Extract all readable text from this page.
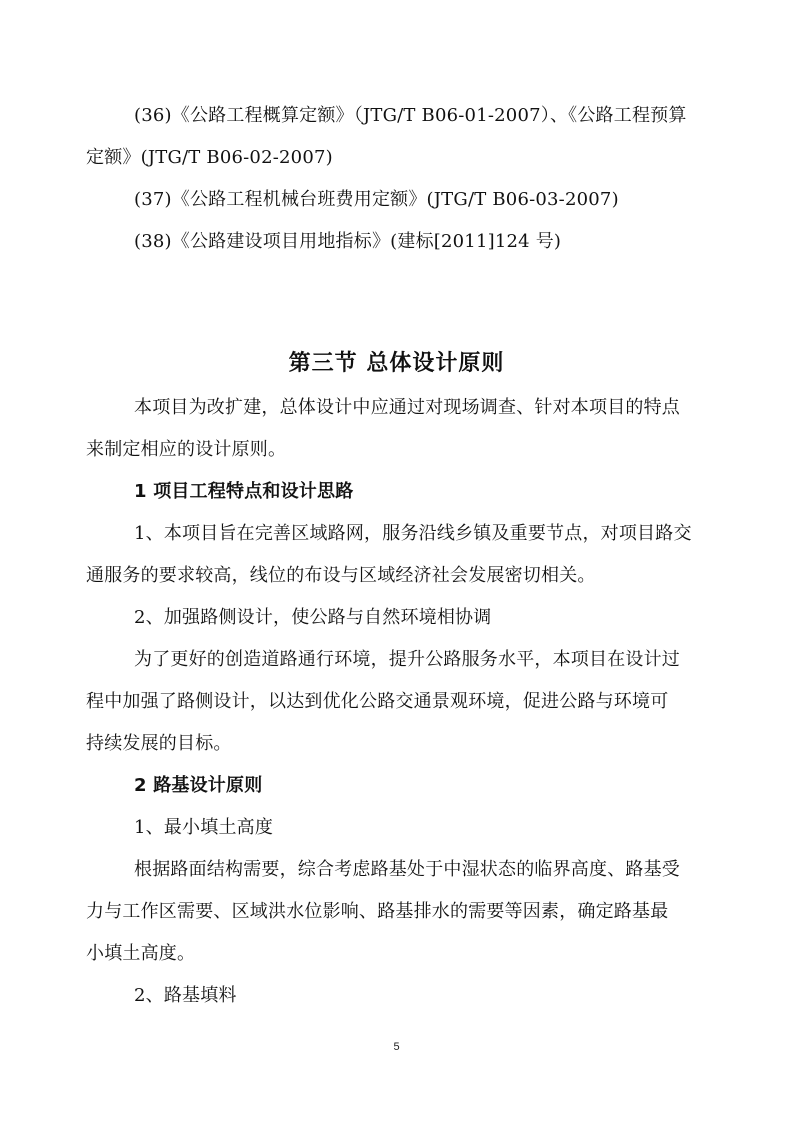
(36)《公路工程概算定额》（JTG/T B06-01-2007）、《公路工程预算
定额》(JTG/T B06-02-2007)
(37)《公路工程机械台班费用定额》(JTG/T B06-03-2007)
(38)《公路建设项目用地指标》(建标[2011]124 号)
第三节 总体设计原则
本项目为改扩建，总体设计中应通过对现场调查、针对本项目的特点
来制定相应的设计原则。
1 项目工程特点和设计思路
1、本项目旨在完善区域路网，服务沿线乡镇及重要节点，对项目路交
通服务的要求较高，线位的布设与区域经济社会发展密切相关。
2、加强路侧设计，使公路与自然环境相协调
为了更好的创造道路通行环境，提升公路服务水平，本项目在设计过
程中加强了路侧设计，以达到优化公路交通景观环境，促进公路与环境可
持续发展的目标。
2 路基设计原则
1、最小填土高度
根据路面结构需要，综合考虑路基处于中湿状态的临界高度、路基受
力与工作区需要、区域洪水位影响、路基排水的需要等因素，确定路基最
小填土高度。
2、路基填料
5
